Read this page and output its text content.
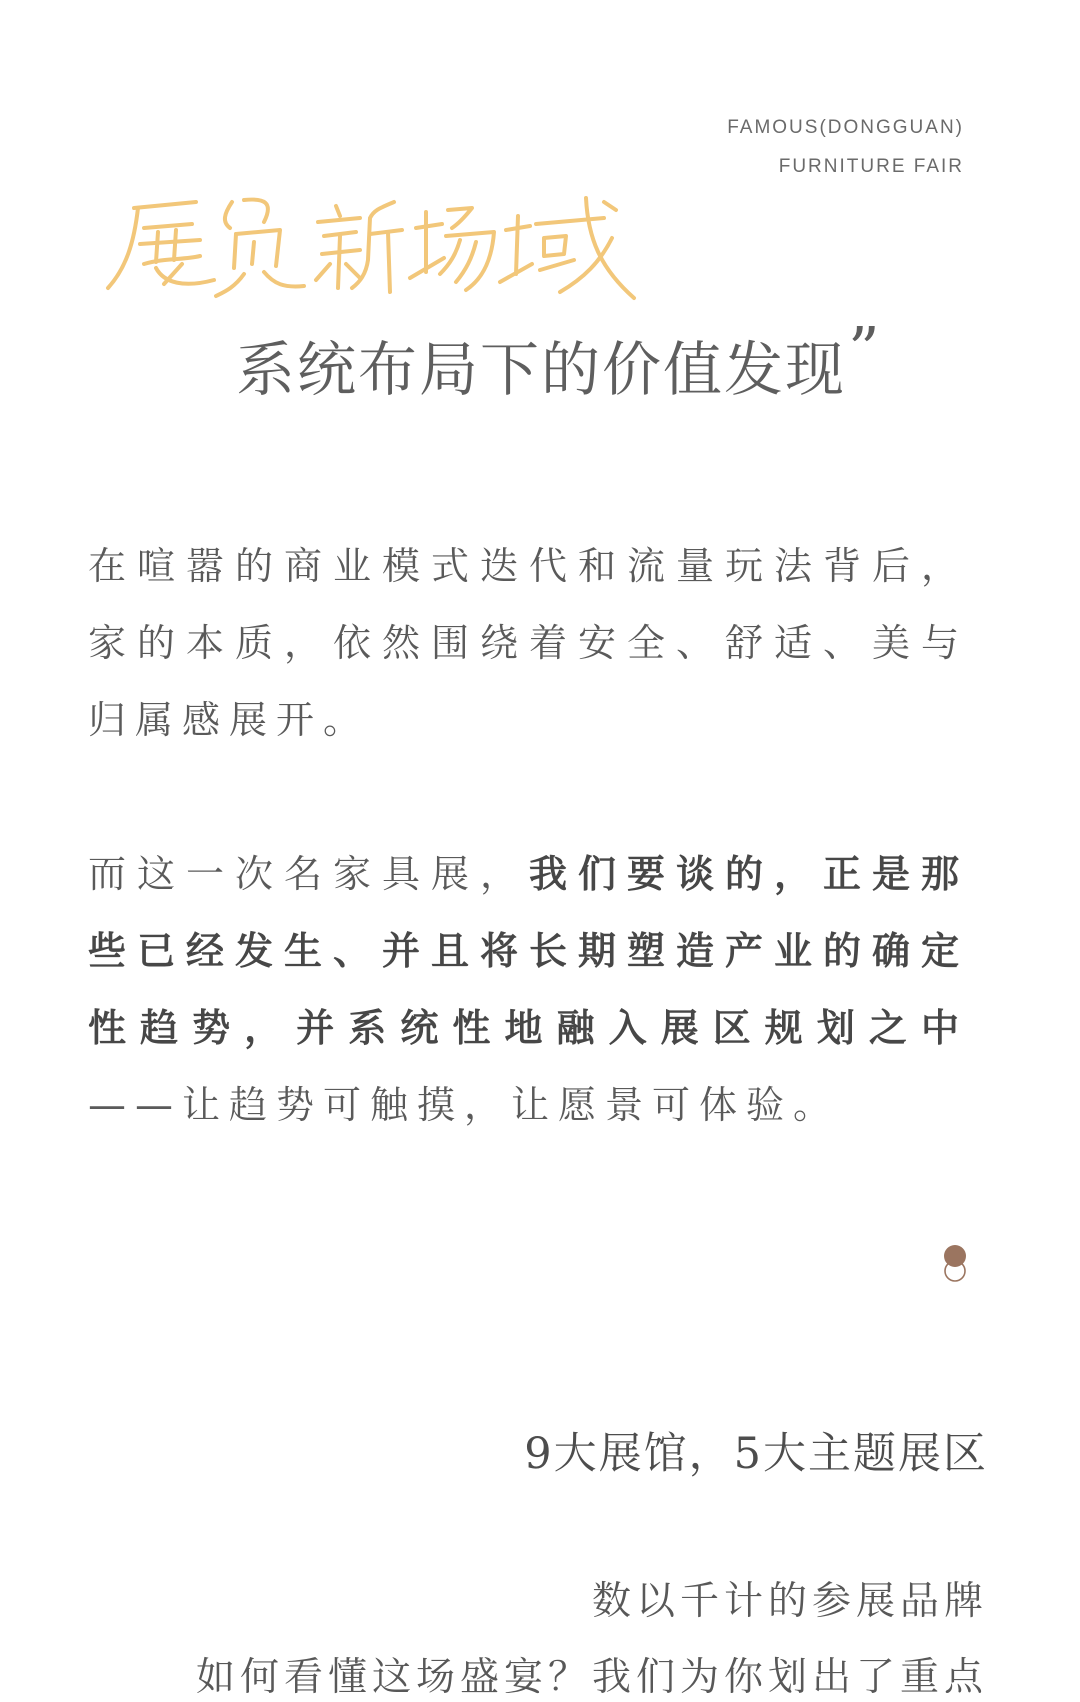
FAMOUS(DONGGUAN)
FURNITURE FAIR
系统布局下的价值发现”
在喧嚣的商业模式迭代和流量玩法背后，家的本质，依然围绕着安全、舒适、美与归属感展开。
而这一次名家具展，我们要谈的，正是那些已经发生、并且将长期塑造产业的确定性趋势，并系统性地融入展区规划之中——让趋势可触摸，让愿景可体验。
9大展馆，5大主题展区
数以千计的参展品牌
如何看懂这场盛宴？我们为你划出了重点
